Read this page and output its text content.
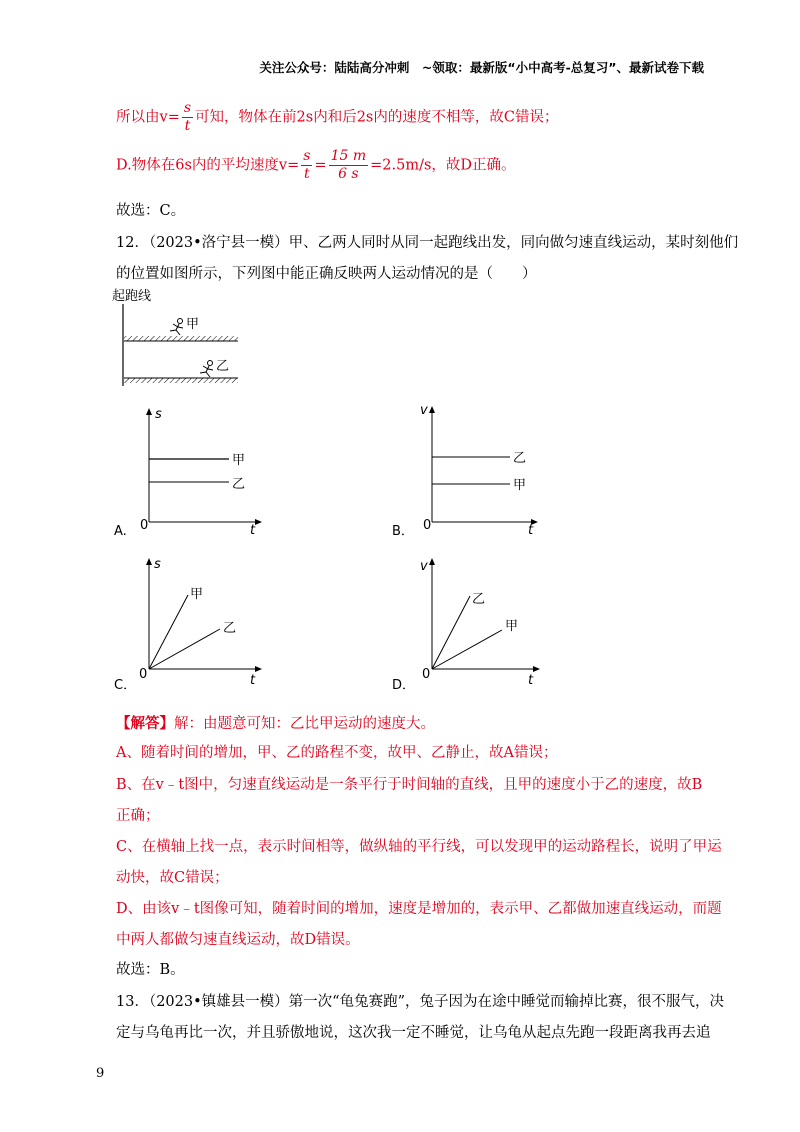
关注公众号：陆陆高分冲刺　~领取：最新版“小中高考-总复习”、最新试卷下载
所以由$v= \frac{s}{t}$ 可知，物体在前2s内和后2s内的速度不相等，故C错误；
D.物体在6s内的平均速度$v= \frac{s}{t} = \frac{15 m}{6 s} =2.5m/s$，故D正确。
故选：C。
12．（2023•洛宁县一模）甲、乙两人同时从同一起跑线出发，同向做匀速直线运动，某时刻他们
的位置如图所示，下列图中能正确反映两人运动情况的是（　　）
起跑线
甲
乙
A.
s
t
0
甲
乙
B．
v
t
0
乙
甲
C．
s
t
0
甲
乙
D．
v
t
0
乙
甲
【解答】解：由题意可知：乙比甲运动的速度大。
A、随着时间的增加，甲、乙的路程不变，故甲、乙静止，故A错误；
B、在v﹣t图中，匀速直线运动是一条平行于时间轴的直线，且甲的速度小于乙的速度，故B
正确；
C、在横轴上找一点，表示时间相等，做纵轴的平行线，可以发现甲的运动路程长，说明了甲运
动快，故C错误；
D、由该v﹣t图像可知，随着时间的增加，速度是增加的，表示甲、乙都做加速直线运动，而题
中两人都做匀速直线运动，故D错误。
故选：B。
13．（2023•镇雄县一模）第一次“龟兔赛跑”，兔子因为在途中睡觉而输掉比赛，很不服气，决
定与乌龟再比一次，并且骄傲地说，这次我一定不睡觉，让乌龟从起点先跑一段距离我再去追
9
